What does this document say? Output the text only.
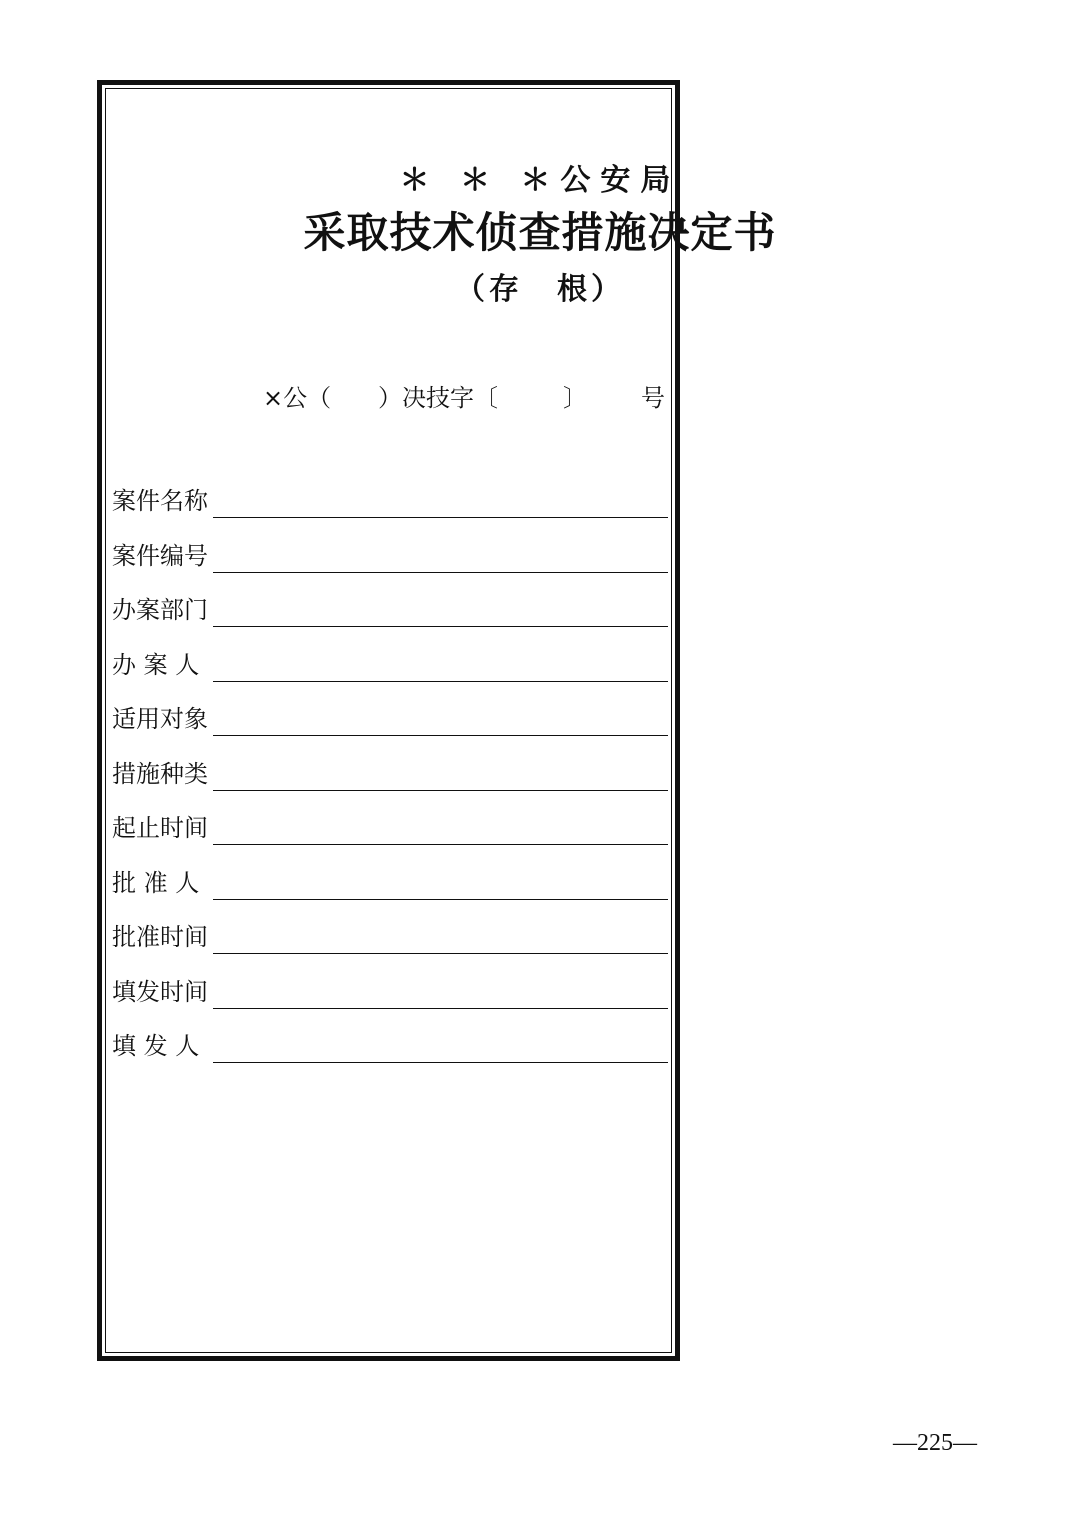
＊ ＊ ＊公安局
采取技术侦查措施决定书
（存　根）
×公（ ）决技字〔	〕 号
案件名称
案件编号
办案部门
办 案 人
适用对象
措施种类
起止时间
批 准 人
批准时间
填发时间
填 发 人
—225—
